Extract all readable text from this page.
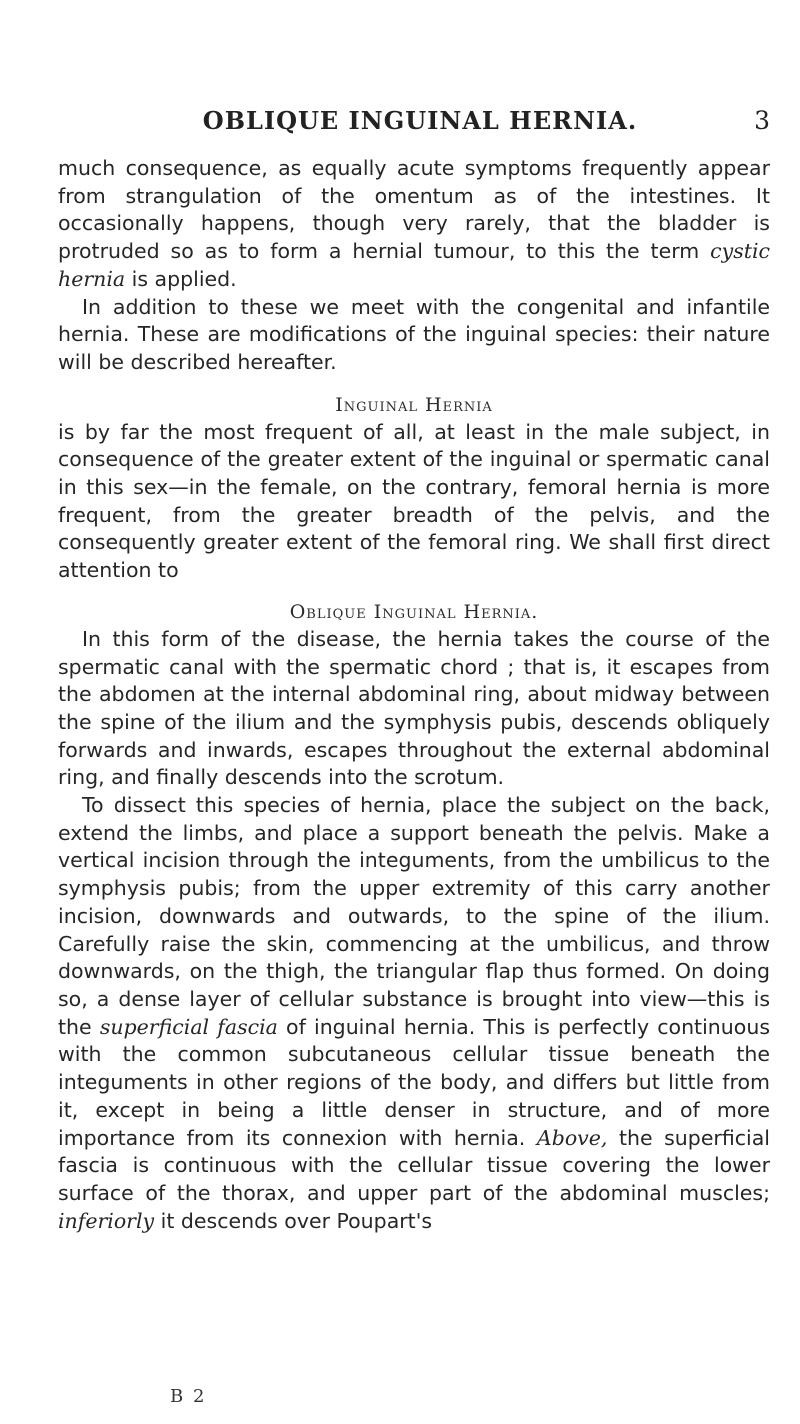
OBLIQUE INGUINAL HERNIA.	3

much consequence, as equally acute symptoms frequently appear from strangulation of the omentum as of the intestines. It occasionally happens, though very rarely, that the bladder is protruded so as to form a hernial tumour, to this the term cystic hernia is applied.

In addition to these we meet with the congenital and infantile hernia. These are modifications of the inguinal species: their nature will be described hereafter.

Inguinal Hernia

is by far the most frequent of all, at least in the male subject, in consequence of the greater extent of the inguinal or spermatic canal in this sex—in the female, on the contrary, femoral hernia is more frequent, from the greater breadth of the pelvis, and the consequently greater extent of the femoral ring. We shall first direct attention to

Oblique Inguinal Hernia.

In this form of the disease, the hernia takes the course of the spermatic canal with the spermatic chord ; that is, it escapes from the abdomen at the internal abdominal ring, about midway between the spine of the ilium and the symphysis pubis, descends obliquely forwards and inwards, escapes throughout the external abdominal ring, and finally descends into the scrotum.

To dissect this species of hernia, place the subject on the back, extend the limbs, and place a support beneath the pelvis. Make a vertical incision through the integuments, from the umbilicus to the symphysis pubis; from the upper extremity of this carry another incision, downwards and outwards, to the spine of the ilium. Carefully raise the skin, commencing at the umbilicus, and throw downwards, on the thigh, the triangular flap thus formed. On doing so, a dense layer of cellular substance is brought into view—this is the superficial fascia of inguinal hernia. This is perfectly continuous with the common subcutaneous cellular tissue beneath the integuments in other regions of the body, and differs but little from it, except in being a little denser in structure, and of more importance from its connexion with hernia. Above, the superficial fascia is continuous with the cellular tissue covering the lower surface of the thorax, and upper part of the abdominal muscles; inferiorly it descends over Poupart's

B 2
